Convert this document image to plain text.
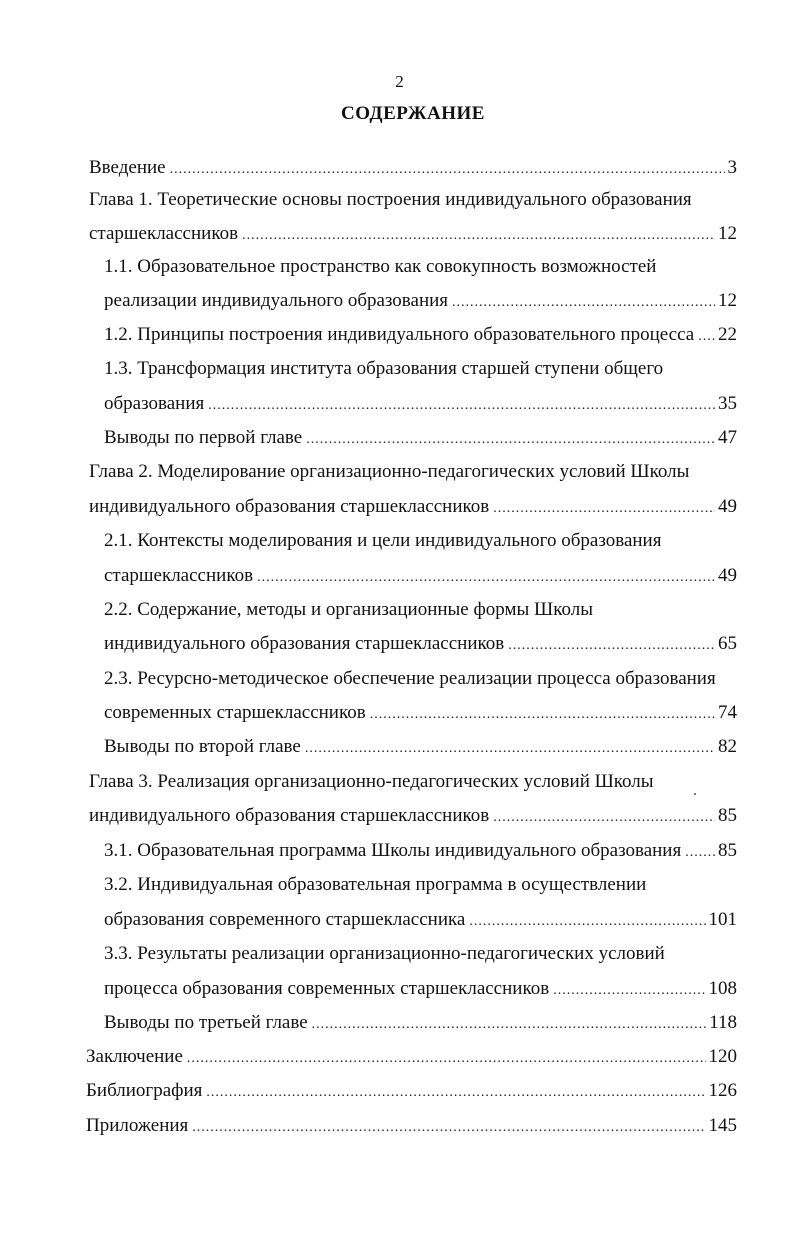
2
СОДЕРЖАНИЕ
Введение .....	3
Глава 1. Теоретические основы построения индивидуального образования
старшеклассников .....	12
1.1. Образовательное пространство как совокупность возможностей
реализации индивидуального образования .....	12
1.2. Принципы построения индивидуального образовательного процесса ..... 22
1.3. Трансформация института образования старшей ступени общего
образования .....	35
Выводы по первой главе .....	47
Глава 2. Моделирование организационно-педагогических условий Школы
индивидуального образования старшеклассников .....	49
2.1. Контексты моделирования и цели индивидуального образования
старшеклассников .....	49
2.2. Содержание, методы и организационные формы Школы
индивидуального образования старшеклассников .....	65
2.3. Ресурсно-методическое обеспечение реализации процесса образования
современных старшеклассников .....	74
Выводы по второй главе .....	82
Глава 3. Реализация организационно-педагогических условий Школы
индивидуального образования старшеклассников .....	85
3.1. Образовательная программа Школы индивидуального образования ..... 85
3.2. Индивидуальная образовательная программа в осуществлении
образования современного старшеклассника .....	101
3.3. Результаты реализации организационно-педагогических условий
процесса образования современных старшеклассников .....	108
Выводы по третьей главе .....	118
Заключение .....	120
Библиография .....	126
Приложения .....	145
